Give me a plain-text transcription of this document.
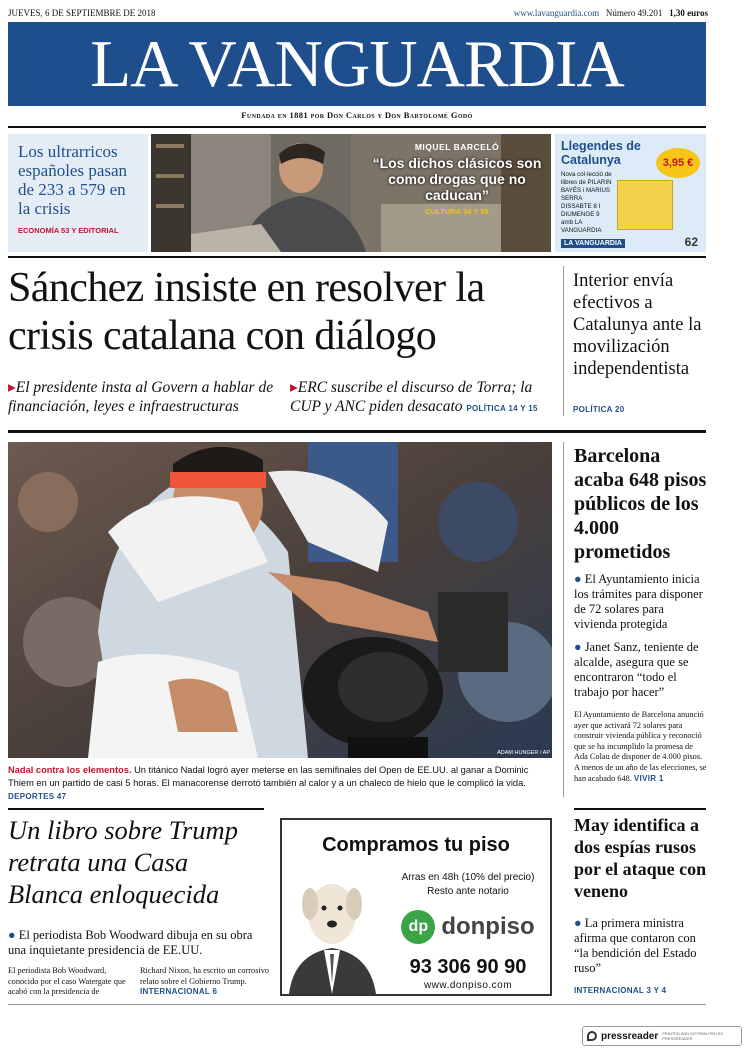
JUEVES, 6 DE SEPTIEMBRE DE 2018	www.lavanguardia.com Número 49.201 1,30 euros
LA VANGUARDIA
Fundada en 1881 por Don Carlos y Don Bartolomé Godó
Los ultrarricos españoles pasan de 233 a 579 en la crisis
ECONOMÍA 53 Y EDITORIAL
MIQUEL BARCELÓ
“Los dichos clásicos son como drogas que no caducan”
CULTURA 34 Y 35
Llegendes de Catalunya	3,95 €
Nova col·lecció de llibres de PILARIN BAYÉS i MARIUS SERRA DISSABTE 8 I DIUMENGE 9 amb LA VANGUARDIA
LA VANGUARDIA	62
Sánchez insiste en resolver la crisis catalana con diálogo
▸El presidente insta al Govern a hablar de financiación, leyes e infraestructuras
▸ERC suscribe el discurso de Torra; la CUP y ANC piden desacato POLÍTICA 14 Y 15
Interior envía efectivos a Catalunya ante la movilización independentista
POLÍTICA 20
ADAM HUNGER / AP
Nadal contra los elementos. Un titánico Nadal logró ayer meterse en las semifinales del Open de EE.UU. al ganar a Dominic Thiem en un partido de casi 5 horas. El manacorense derrotó también al calor y a un chaleco de hielo que le complicó la vida. DEPORTES 47
Barcelona acaba 648 pisos públicos de los 4.000 prometidos
● El Ayuntamiento inicia los trámites para disponer de 72 solares para vivienda protegida
● Janet Sanz, teniente de alcalde, asegura que se encontraron “todo el trabajo por hacer”
El Ayuntamiento de Barcelona anunció ayer que activará 72 solares para construir vivienda pública y reconoció que se ha incumplido la promesa de Ada Colau de disponer de 4.000 pisos. A menos de un año de las elecciones, se han acabado 648. VIVIR 1
Un libro sobre Trump retrata una Casa Blanca enloquecida
● El periodista Bob Woodward dibuja en su obra una inquietante presidencia de EE.UU.
El periodista Bob Woodward, conocido por el caso Watergate que acabó con la presidencia de
Richard Nixon, ha escrito un corrosivo relato sobre el Gobierno Trump. INTERNACIONAL 6
Compramos tu piso
Arras en 48h (10% del precio)
Resto ante notario
dp donpiso
93 306 90 90
www.donpiso.com
May identifica a dos espías rusos por el ataque con veneno
● La primera ministra afirma que contaron con “la bendición del Estado ruso”
INTERNACIONAL 3 Y 4
pressreader PRINTED AND DISTRIBUTED BY PRESSREADER
